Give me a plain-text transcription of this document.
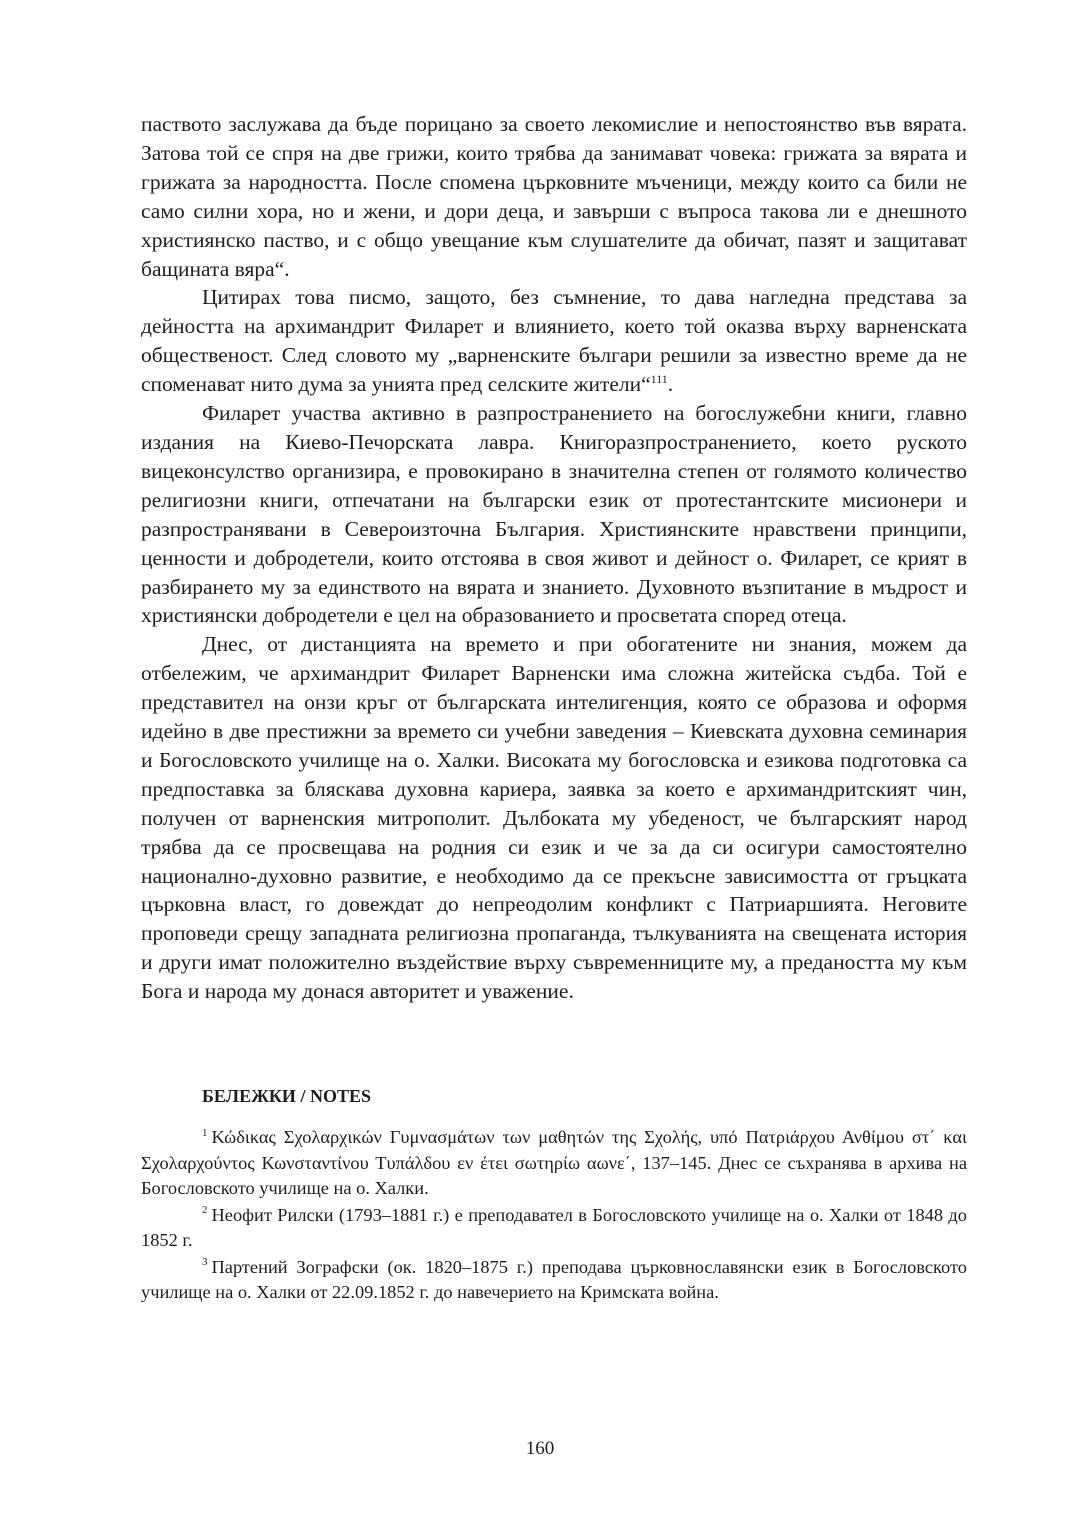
паството заслужава да бъде порицано за своето лекомислие и непостоянство във вярата. Затова той се спря на две грижи, които трябва да занимават човека: грижата за вярата и грижата за народността. После спомена църковните мъченици, между които са били не само силни хора, но и жени, и дори деца, и завърши с въпроса такова ли е днешното християнско паство, и с общо увещание към слушателите да обичат, пазят и защитават бащината вяра“.

Цитирах това писмо, защото, без съмнение, то дава нагледна представа за дейността на архимандрит Филарет и влиянието, което той оказва върху варненската общественост. След словото му „варненските българи решили за известно време да не споменават нито дума за унията пред селските жители“$^{111}$.

Филарет участва активно в разпространението на богослужебни книги, главно издания на Киево-Печорската лавра. Книгоразпространението, което руското вицеконсулство организира, е провокирано в значителна степен от голямото количество религиозни книги, отпечатани на български език от протестантските мисионери и разпространявани в Североизточна България. Християнските нравствени принципи, ценности и добродетели, които отстоява в своя живот и дейност о. Филарет, се крият в разбирането му за единството на вярата и знанието. Духовното възпитание в мъдрост и християнски добродетели е цел на образованието и просветата според отеца.

Днес, от дистанцията на времето и при обогатените ни знания, можем да отбележим, че архимандрит Филарет Варненски има сложна житейска съдба. Той е представител на онзи кръг от българската интелигенция, която се образова и оформя идейно в две престижни за времето си учебни заведения – Киевската духовна семинария и Богословското училище на о. Халки. Високата му богословска и езикова подготовка са предпоставка за бляскава духовна кариера, заявка за което е архимандритският чин, получен от варненския митрополит. Дълбоката му убеденост, че българският народ трябва да се просвещава на родния си език и че за да си осигури самостоятелно национално-духовно развитие, е необходимо да се прекъсне зависимостта от гръцката църковна власт, го довеждат до непреодолим конфликт с Патриаршията. Неговите проповеди срещу западната религиозна пропаганда, тълкуванията на свещената история и други имат положително въздействие върху съвременниците му, а предаността му към Бога и народа му донася авторитет и уважение.

БЕЛЕЖКИ / NOTES

$^1$ Κώδικας Σχολαρχικών Γυμνασμάτων των μαθητών της Σχολής, υπό Πατριάρχου Ανθίμου στ΄ και Σχολαρχούντος Κωνσταντίνου Τυπάλδου εν έτει σωτηρίω αωνε΄, 137–145. Днес се съхранява в архива на Богословското училище на о. Халки.

$^2$ Неофит Рилски (1793–1881 г.) е преподавател в Богословското училище на о. Халки от 1848 до 1852 г.

$^3$ Партений Зографски (ок. 1820–1875 г.) преподава църковнославянски език в Богословското училище на о. Халки от 22.09.1852 г. до навечерието на Кримската война.

160
